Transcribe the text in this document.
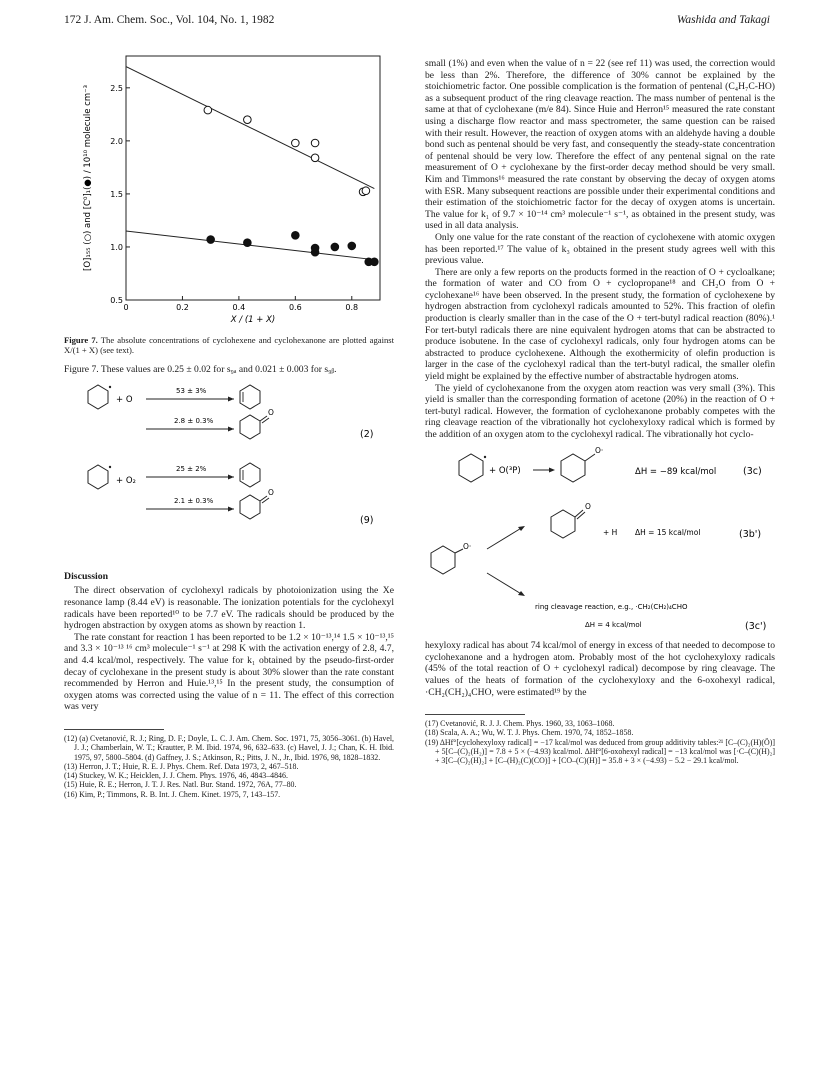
172 J. Am. Chem. Soc., Vol. 104, No. 1, 1982	Washida and Takagi
0	0.2	0.4	0.6	0.8
0.5
1.0
1.5
2.0
2.5
X / (1 + X)
[O]₁₅₅ (○) and [C⁰]₁(●) / 10¹⁰ molecule cm⁻³
Figure 7. The absolute concentrations of cyclohexene and cyclohexanone are plotted against X/(1 + X) (see text).

Figure 7. These values are 0.25 ± 0.02 for s₉ₐ and 0.021 ± 0.003 for s₉ᵦ.

+ O
53 ± 3%
2.8 ± 0.3%
O
(2)
+ O₂
25 ± 2%
2.1 ± 0.3%
O
(9)
Discussion

The direct observation of cyclohexyl radicals by photoionization using the Xe resonance lamp (8.44 eV) is reasonable. The ionization potentials for the cyclohexyl radicals have been reported¹⁰ to be 7.7 eV. The radicals should be produced by the hydrogen abstraction by oxygen atoms as shown by reaction 1.

The rate constant for reaction 1 has been reported to be 1.2 × 10⁻¹³,¹⁴ 1.5 × 10⁻¹³,¹⁵ and 3.3 × 10⁻¹³ ¹⁶ cm³ molecule⁻¹ s⁻¹ at 298 K with the activation energy of 2.8, 4.7, and 4.4 kcal/mol, respectively. The value for k₁ obtained by the pseudo-first-order decay of cyclohexane in the present study is about 30% slower than the rate constant recommended by Herron and Huie.¹³,¹⁵ In the present study, the consumption of oxygen atoms was corrected using the value of n = 11. The effect of this correction was very

(12) (a) Cvetanović, R. J.; Ring, D. F.; Doyle, L. C. J. Am. Chem. Soc. 1971, 75, 3056–3061. (b) Havel, J. J.; Chamberlain, W. T.; Krautter, P. M. Ibid. 1974, 96, 632–633. (c) Havel, J. J.; Chan, K. H. Ibid. 1975, 97, 5800–5804. (d) Gaffney, J. S.; Atkinson, R.; Pitts, J. N., Jr., Ibid. 1976, 98, 1828–1832.
(13) Herron, J. T.; Huie, R. E. J. Phys. Chem. Ref. Data 1973, 2, 467–518.
(14) Stuckey, W. K.; Heicklen, J. J. Chem. Phys. 1976, 46, 4843–4846.
(15) Huie, R. E.; Herron, J. T. J. Res. Natl. Bur. Stand. 1972, 76A, 77–80.
(16) Kim, P.; Timmons, R. B. Int. J. Chem. Kinet. 1975, 7, 143–157.

small (1%) and even when the value of n = 22 (see ref 11) was used, the correction would be less than 2%. Therefore, the difference of 30% cannot be explained by the stoichiometric factor. One possible complication is the formation of pentenal (C₄H₇C-HO) as a subsequent product of the ring cleavage reaction. The mass number of pentenal is the same at that of cyclohexane (m/e 84). Since Huie and Herron¹⁵ measured the rate constant using a discharge flow reactor and mass spectrometer, the same question can be raised with their result. However, the reaction of oxygen atoms with an aldehyde having a double bond such as pentenal should be very fast, and consequently the steady-state concentration of pentenal should be very low. Therefore the effect of any pentenal signal on the rate measurement of O + cyclohexane by the first-order decay method should be very small. Kim and Timmons¹⁶ measured the rate constant by observing the decay of oxygen atoms with ESR. Many subsequent reactions are possible under their experimental conditions and their estimation of the stoichiometric factor for the decay of oxygen atoms is uncertain. The value for k₁ of 9.7 × 10⁻¹⁴ cm³ molecule⁻¹ s⁻¹, as obtained in the present study, was used in all data analysis.

Only one value for the rate constant of the reaction of cyclohexene with atomic oxygen has been reported.¹⁷ The value of k₃ obtained in the present study agrees well with this previous value.

There are only a few reports on the products formed in the reaction of O + cycloalkane; the formation of water and CO from O + cyclopropane¹⁸ and CH₂O from O + cyclohexane¹⁶ have been observed. In the present study, the formation of cyclohexene by hydrogen abstraction from cyclohexyl radicals amounted to 52%. This fraction of olefin production is clearly smaller than in the case of the O + tert-butyl radical reaction (80%).¹ For tert-butyl radicals there are nine equivalent hydrogen atoms that can be abstracted to produce isobutene. In the case of cyclohexyl radicals, only four hydrogen atoms can be abstracted to produce cyclohexene. Although the exothermicity of olefin production is larger in the case of the cyclohexyl radical than the tert-butyl radical, the smaller olefin yield might be explained by the effective number of abstractable hydrogen atoms.

The yield of cyclohexanone from the oxygen atom reaction was very small (3%). This yield is smaller than the corresponding formation of acetone (20%) in the reaction of O + tert-butyl radical. However, the formation of cyclohexanone probably competes with the ring cleavage reaction of the vibrationally hot cyclohexyloxy radical which is formed by the addition of an oxygen atom to the cyclohexyl radical. The vibrationally hot cyclo-

+ O(³P)
O·
ΔH = −89 kcal/mol	(3c)
O
+ H ΔH = 15 kcal/mol	(3b')
O·
ring cleavage reaction, e.g., ·CH₂(CH₂)₄CHO
ΔH = 4 kcal/mol	(3c')

hexyloxy radical has about 74 kcal/mol of energy in excess of that needed to decompose to cyclohexanone and a hydrogen atom. Probably most of the hot cyclohexyloxy radicals (45% of the total reaction of O + cyclohexyl radical) decompose by ring cleavage. The values of the heats of formation of the cyclohexyloxy and the 6-oxohexyl radical, ·CH₂(CH₂)₄CHO, were estimated¹⁹ by the

(17) Cvetanović, R. J. J. Chem. Phys. 1960, 33, 1063–1068.
(18) Scala, A. A.; Wu, W. T. J. Phys. Chem. 1970, 74, 1852–1858.
(19) ΔHf°[cyclohexyloxy radical] = −17 kcal/mol was deduced from group additivity tables:²¹ [C–(C)₂(H)(Ö)] + 5[C–(C)₂(H₂)] = 7.8 + 5 × (−4.93) kcal/mol. ΔHf°[6-oxohexyl radical] = −13 kcal/mol was [·C–(C)(H)₂] + 3[C–(C)₂(H)₂] + [C–(H)₂(C)(CO)] + [CO–(C)(H)] = 35.8 + 3 × (−4.93) − 5.2 − 29.1 kcal/mol.
